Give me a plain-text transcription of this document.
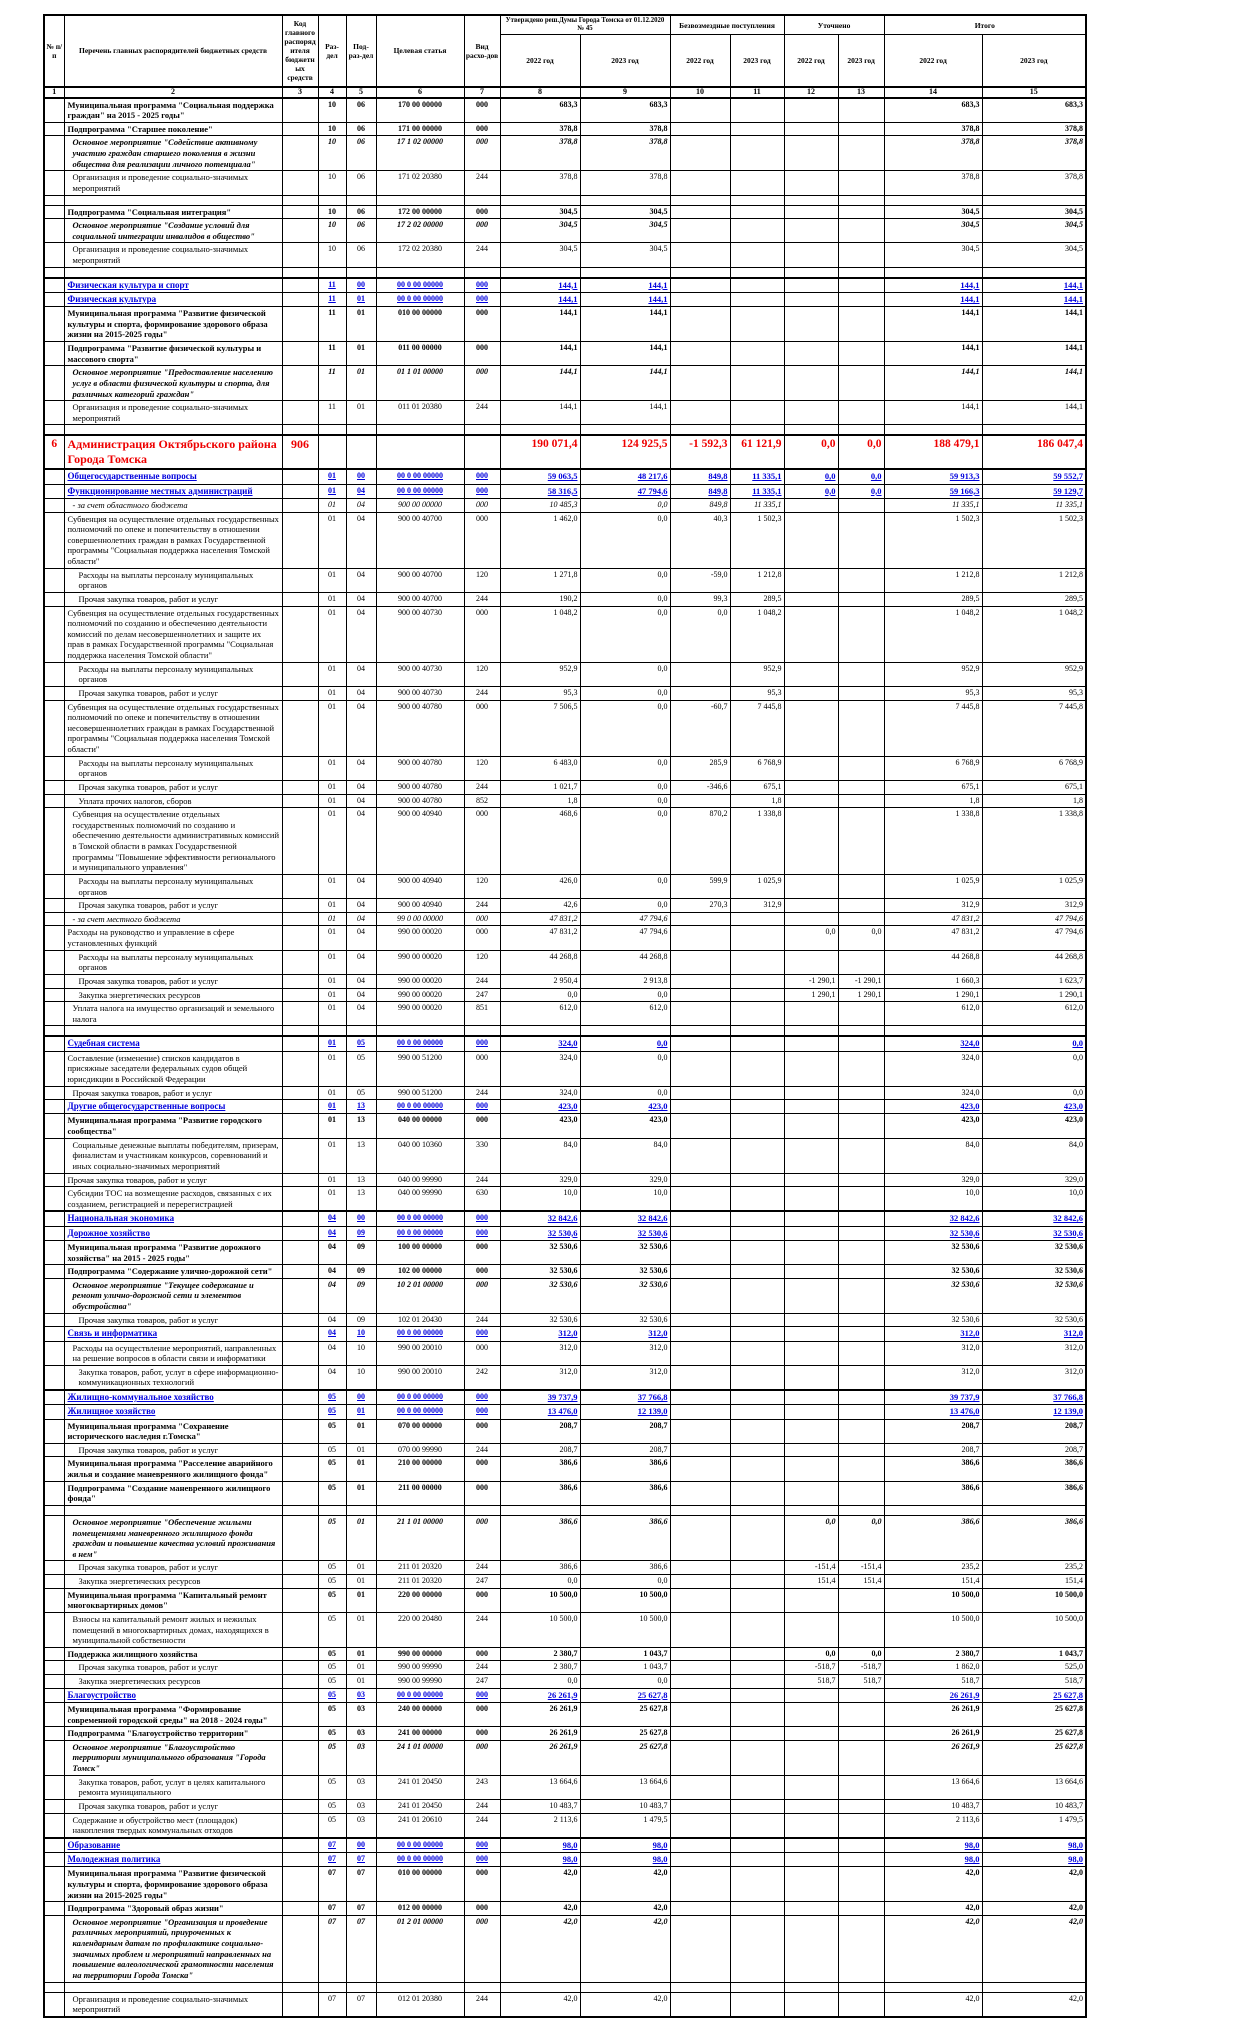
№ п/п	Перечень главных распорядителей бюджетных средств	Код главного распорядителя бюджетных средств	Раз-дел	Под-раз-дел	Целевая статья	Вид расхо-дов	Утверждено реш.Думы Города Томска от 01.12.2020 № 45		Безвозмездные поступления		Уточнено		Итого	
							2022 год	2023 год	2022 год	2023 год	2022 год	2023 год	2022 год	2023 год
1	2	3	4	5	6	7	8	9	10	11	12	13	14	15
	Муниципальная программа "Социальная поддержка граждан" на 2015 - 2025 годы"		10	06	170 00 00000	000	683,3	683,3					683,3	683,3
	Подпрограмма "Старшее поколение"		10	06	171 00 00000	000	378,8	378,8					378,8	378,8
	Основное мероприятие "Содействие активному участию граждан старшего поколения в жизни общества для реализации личного потенциала"		10	06	17 1 02 00000	000	378,8	378,8					378,8	378,8
	Организация и проведение социально-значимых мероприятий		10	06	171 02 20380	244	378,8	378,8					378,8	378,8

	Подпрограмма "Социальная интеграция"		10	06	172 00 00000	000	304,5	304,5					304,5	304,5
	Основное мероприятие "Создание условий для социальной интеграции инвалидов в общество"		10	06	17 2 02 00000	000	304,5	304,5					304,5	304,5
	Организация и проведение социально-значимых мероприятий		10	06	172 02 20380	244	304,5	304,5					304,5	304,5

	Физическая культура и спорт		11	00	00 0 00 00000	000	144,1	144,1					144,1	144,1
	Физическая культура		11	01	00 0 00 00000	000	144,1	144,1					144,1	144,1
	Муниципальная программа "Развитие физической культуры и спорта, формирование здорового образа жизни на 2015-2025 годы"		11	01	010 00 00000	000	144,1	144,1					144,1	144,1
	Подпрограмма "Развитие физической культуры и массового спорта"		11	01	011 00 00000	000	144,1	144,1					144,1	144,1
	Основное мероприятие "Предоставление населению услуг в области физической культуры и спорта, для различных категорий граждан"		11	01	01 1 01 00000	000	144,1	144,1					144,1	144,1
	Организация и проведение социально-значимых мероприятий		11	01	011 01 20380	244	144,1	144,1					144,1	144,1

6	Администрация Октябрьского района Города Томска	906					190 071,4	124 925,5	-1 592,3	61 121,9	0,0	0,0	188 479,1	186 047,4
	Общегосударственные вопросы		01	00	00 0 00 00000	000	59 063,5	48 217,6	849,8	11 335,1	0,0	0,0	59 913,3	59 552,7
	Функционирование местных администраций		01	04	00 0 00 00000	000	58 316,5	47 794,6	849,8	11 335,1	0,0	0,0	59 166,3	59 129,7
	- за счет областного бюджета		01	04	900 00 00000	000	10 485,3	0,0	849,8	11 335,1			11 335,1	11 335,1
	Субвенция на осуществление отдельных государственных полномочий по опеке и попечительству в отношении совершеннолетних граждан в рамках Государственной программы "Социальная поддержка населения Томской области"		01	04	900 00 40700	000	1 462,0	0,0	40,3	1 502,3			1 502,3	1 502,3
	Расходы на выплаты персоналу муниципальных органов		01	04	900 00 40700	120	1 271,8	0,0	-59,0	1 212,8			1 212,8	1 212,8
	Прочая закупка товаров, работ и услуг		01	04	900 00 40700	244	190,2	0,0	99,3	289,5			289,5	289,5
	Субвенция на осуществление отдельных государственных полномочий по созданию и обеспечению деятельности комиссий по делам несовершеннолетних и защите их прав в рамках Государственной программы "Социальная поддержка населения Томской области"		01	04	900 00 40730	000	1 048,2	0,0	0,0	1 048,2			1 048,2	1 048,2
	Расходы на выплаты персоналу муниципальных органов		01	04	900 00 40730	120	952,9	0,0		952,9			952,9	952,9
	Прочая закупка товаров, работ и услуг		01	04	900 00 40730	244	95,3	0,0		95,3			95,3	95,3
	Субвенция на осуществление отдельных государственных полномочий по опеке и попечительству в отношении несовершеннолетних граждан в рамках Государственной программы "Социальная поддержка населения Томской области"		01	04	900 00 40780	000	7 506,5	0,0	-60,7	7 445,8			7 445,8	7 445,8
	Расходы на выплаты персоналу муниципальных органов		01	04	900 00 40780	120	6 483,0	0,0	285,9	6 768,9			6 768,9	6 768,9
	Прочая закупка товаров, работ и услуг		01	04	900 00 40780	244	1 021,7	0,0	-346,6	675,1			675,1	675,1
	Уплата прочих налогов, сборов		01	04	900 00 40780	852	1,8	0,0		1,8			1,8	1,8
	Субвенция на осуществление отдельных государственных полномочий по созданию и обеспечению деятельности административных комиссий в Томской области в рамках Государственной программы "Повышение эффективности регионального и муниципального управления"		01	04	900 00 40940	000	468,6	0,0	870,2	1 338,8			1 338,8	1 338,8
	Расходы на выплаты персоналу муниципальных органов		01	04	900 00 40940	120	426,0	0,0	599,9	1 025,9			1 025,9	1 025,9
	Прочая закупка товаров, работ и услуг		01	04	900 00 40940	244	42,6	0,0	270,3	312,9			312,9	312,9
	- за счет местного бюджета		01	04	99 0 00 00000	000	47 831,2	47 794,6					47 831,2	47 794,6
	Расходы на руководство и управление в сфере установленных функций		01	04	990 00 00020	000	47 831,2	47 794,6			0,0	0,0	47 831,2	47 794,6
	Расходы на выплаты персоналу муниципальных органов		01	04	990 00 00020	120	44 268,8	44 268,8					44 268,8	44 268,8
	Прочая закупка товаров, работ и услуг		01	04	990 00 00020	244	2 950,4	2 913,8			-1 290,1	-1 290,1	1 660,3	1 623,7
	Закупка энергетических ресурсов		01	04	990 00 00020	247	0,0	0,0			1 290,1	1 290,1	1 290,1	1 290,1
	Уплата налога на имущество организаций и земельного налога		01	04	990 00 00020	851	612,0	612,0					612,0	612,0

	Судебная система		01	05	00 0 00 00000	000	324,0	0,0					324,0	0,0
	Составление (изменение) списков кандидатов в присяжные заседатели федеральных судов общей юрисдикции в Российской Федерации		01	05	990 00 51200	000	324,0	0,0					324,0	0,0
	Прочая закупка товаров, работ и услуг		01	05	990 00 51200	244	324,0	0,0					324,0	0,0
	Другие общегосударственные вопросы		01	13	00 0 00 00000	000	423,0	423,0					423,0	423,0
	Муниципальная программа "Развитие городского сообщества"		01	13	040 00 00000	000	423,0	423,0					423,0	423,0
	Социальные денежные выплаты победителям, призерам, финалистам и участникам конкурсов, соревнований и иных социально-значимых мероприятий		01	13	040 00 10360	330	84,0	84,0					84,0	84,0
	Прочая закупка товаров, работ и услуг		01	13	040 00 99990	244	329,0	329,0					329,0	329,0
	Субсидии ТОС на возмещение расходов, связанных с их созданием, регистрацией и перерегистрацией		01	13	040 00 99990	630	10,0	10,0					10,0	10,0
	Национальная экономика		04	00	00 0 00 00000	000	32 842,6	32 842,6					32 842,6	32 842,6
	Дорожное хозяйство		04	09	00 0 00 00000	000	32 530,6	32 530,6					32 530,6	32 530,6
	Муниципальная программа "Развитие дорожного хозяйства" на 2015 - 2025 годы"		04	09	100 00 00000	000	32 530,6	32 530,6					32 530,6	32 530,6
	Подпрограмма "Содержание улично-дорожной сети"		04	09	102 00 00000	000	32 530,6	32 530,6					32 530,6	32 530,6
	Основное мероприятие "Текущее содержание и ремонт улично-дорожной сети и элементов обустройства"		04	09	10 2 01 00000	000	32 530,6	32 530,6					32 530,6	32 530,6
	Прочая закупка товаров, работ и услуг		04	09	102 01 20430	244	32 530,6	32 530,6					32 530,6	32 530,6
	Связь и информатика		04	10	00 0 00 00000	000	312,0	312,0					312,0	312,0
	Расходы на осуществление мероприятий, направленных на решение вопросов в области связи и информатики		04	10	990 00 20010	000	312,0	312,0					312,0	312,0
	Закупка товаров, работ, услуг в сфере информационно-коммуникационных технологий		04	10	990 00 20010	242	312,0	312,0					312,0	312,0
	Жилищно-коммунальное хозяйство		05	00	00 0 00 00000	000	39 737,9	37 766,8					39 737,9	37 766,8
	Жилищное хозяйство		05	01	00 0 00 00000	000	13 476,0	12 139,0					13 476,0	12 139,0
	Муниципальная программа "Сохранение исторического наследия г.Томска"		05	01	070 00 00000	000	208,7	208,7					208,7	208,7
	Прочая закупка товаров, работ и услуг		05	01	070 00 99990	244	208,7	208,7					208,7	208,7
	Муниципальная программа "Расселение аварийного жилья и создание маневренного жилищного фонда"		05	01	210 00 00000	000	386,6	386,6					386,6	386,6
	Подпрограмма "Создание маневренного жилищного фонда"		05	01	211 00 00000	000	386,6	386,6					386,6	386,6

	Основное мероприятие "Обеспечение жилыми помещениями маневренного жилищного фонда граждан и повышение качества условий проживания в нем"		05	01	21 1 01 00000	000	386,6	386,6			0,0	0,0	386,6	386,6
	Прочая закупка товаров, работ и услуг		05	01	211 01 20320	244	386,6	386,6			-151,4	-151,4	235,2	235,2
	Закупка энергетических ресурсов		05	01	211 01 20320	247	0,0	0,0			151,4	151,4	151,4	151,4
	Муниципальная программа "Капитальный ремонт многоквартирных домов"		05	01	220 00 00000	000	10 500,0	10 500,0					10 500,0	10 500,0
	Взносы на капитальный ремонт жилых и нежилых помещений в многоквартирных домах, находящихся в муниципальной собственности		05	01	220 00 20480	244	10 500,0	10 500,0					10 500,0	10 500,0
	Поддержка жилищного хозяйства		05	01	990 00 00000	000	2 380,7	1 043,7			0,0	0,0	2 380,7	1 043,7
	Прочая закупка товаров, работ и услуг		05	01	990 00 99990	244	2 380,7	1 043,7			-518,7	-518,7	1 862,0	525,0
	Закупка энергетических ресурсов		05	01	990 00 99990	247	0,0	0,0			518,7	518,7	518,7	518,7
	Благоустройство		05	03	00 0 00 00000	000	26 261,9	25 627,8					26 261,9	25 627,8
	Муниципальная программа "Формирование современной городской среды" на 2018 - 2024 годы"		05	03	240 00 00000	000	26 261,9	25 627,8					26 261,9	25 627,8
	Подпрограмма "Благоустройство территории"		05	03	241 00 00000	000	26 261,9	25 627,8					26 261,9	25 627,8
	Основное мероприятие "Благоустройство территории муниципального образования "Города Томск"		05	03	24 1 01 00000	000	26 261,9	25 627,8					26 261,9	25 627,8
	Закупка товаров, работ, услуг в целях капитального ремонта муниципального		05	03	241 01 20450	243	13 664,6	13 664,6					13 664,6	13 664,6
	Прочая закупка товаров, работ и услуг		05	03	241 01 20450	244	10 483,7	10 483,7					10 483,7	10 483,7
	Содержание и обустройство мест (площадок) накопления твердых коммунальных отходов		05	03	241 01 20610	244	2 113,6	1 479,5					2 113,6	1 479,5
	Образование		07	00	00 0 00 00000	000	98,0	98,0					98,0	98,0
	Молодежная политика		07	07	00 0 00 00000	000	98,0	98,0					98,0	98,0
	Муниципальная программа "Развитие физической культуры и спорта, формирование здорового образа жизни на 2015-2025 годы"		07	07	010 00 00000	000	42,0	42,0					42,0	42,0
	Подпрограмма "Здоровый образ жизни"		07	07	012 00 00000	000	42,0	42,0					42,0	42,0
	Основное мероприятие "Организация и проведение различных мероприятий, приуроченных к календарным датам по профилактике социально-значимых проблем и мероприятий направленных на повышение валеологической грамотности населения на территории Города Томска"		07	07	01 2 01 00000	000	42,0	42,0					42,0	42,0

	Организация и проведение социально-значимых мероприятий		07	07	012 01 20380	244	42,0	42,0					42,0	42,0
